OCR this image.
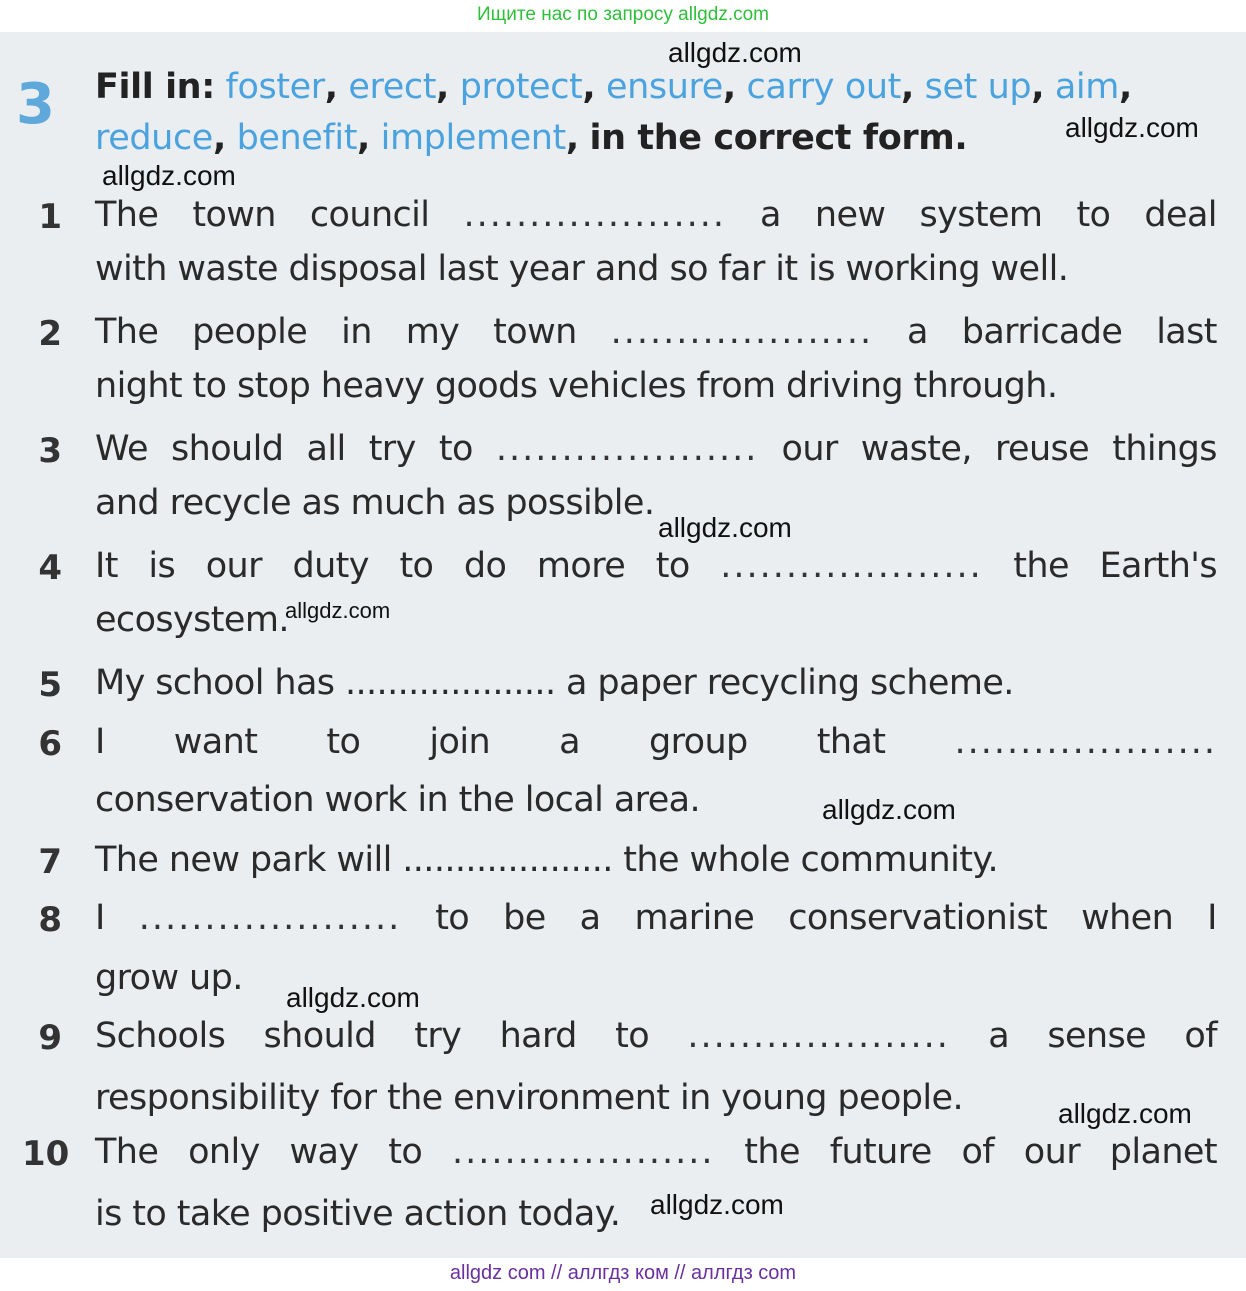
Ищите нас по запросу allgdz.com
3 Fill in: foster, erect, protect, ensure, carry out, set up, aim, reduce, benefit, implement, in the correct form.
1 The town council .................... a new system to deal
with waste disposal last year and so far it is working well.
2 The people in my town .................... a barricade last
night to stop heavy goods vehicles from driving through.
3 We should all try to .................... our waste, reuse things
and recycle as much as possible.
4 It is our duty to do more to .................... the Earth's
ecosystem.
5 My school has .................... a paper recycling scheme.
6 I want to join a group that ....................
conservation work in the local area.
7 The new park will .................... the whole community.
8 I .................... to be a marine conservationist when I
grow up.
9 Schools should try hard to .................... a sense of
responsibility for the environment in young people.
10 The only way to .................... the future of our planet
is to take positive action today.
allgdz.com
allgdz.com
allgdz.com
allgdz.com
allgdz.com
allgdz.com
allgdz.com
allgdz.com
allgdz.com
allgdz com // аллгдз ком // аллгдз com
